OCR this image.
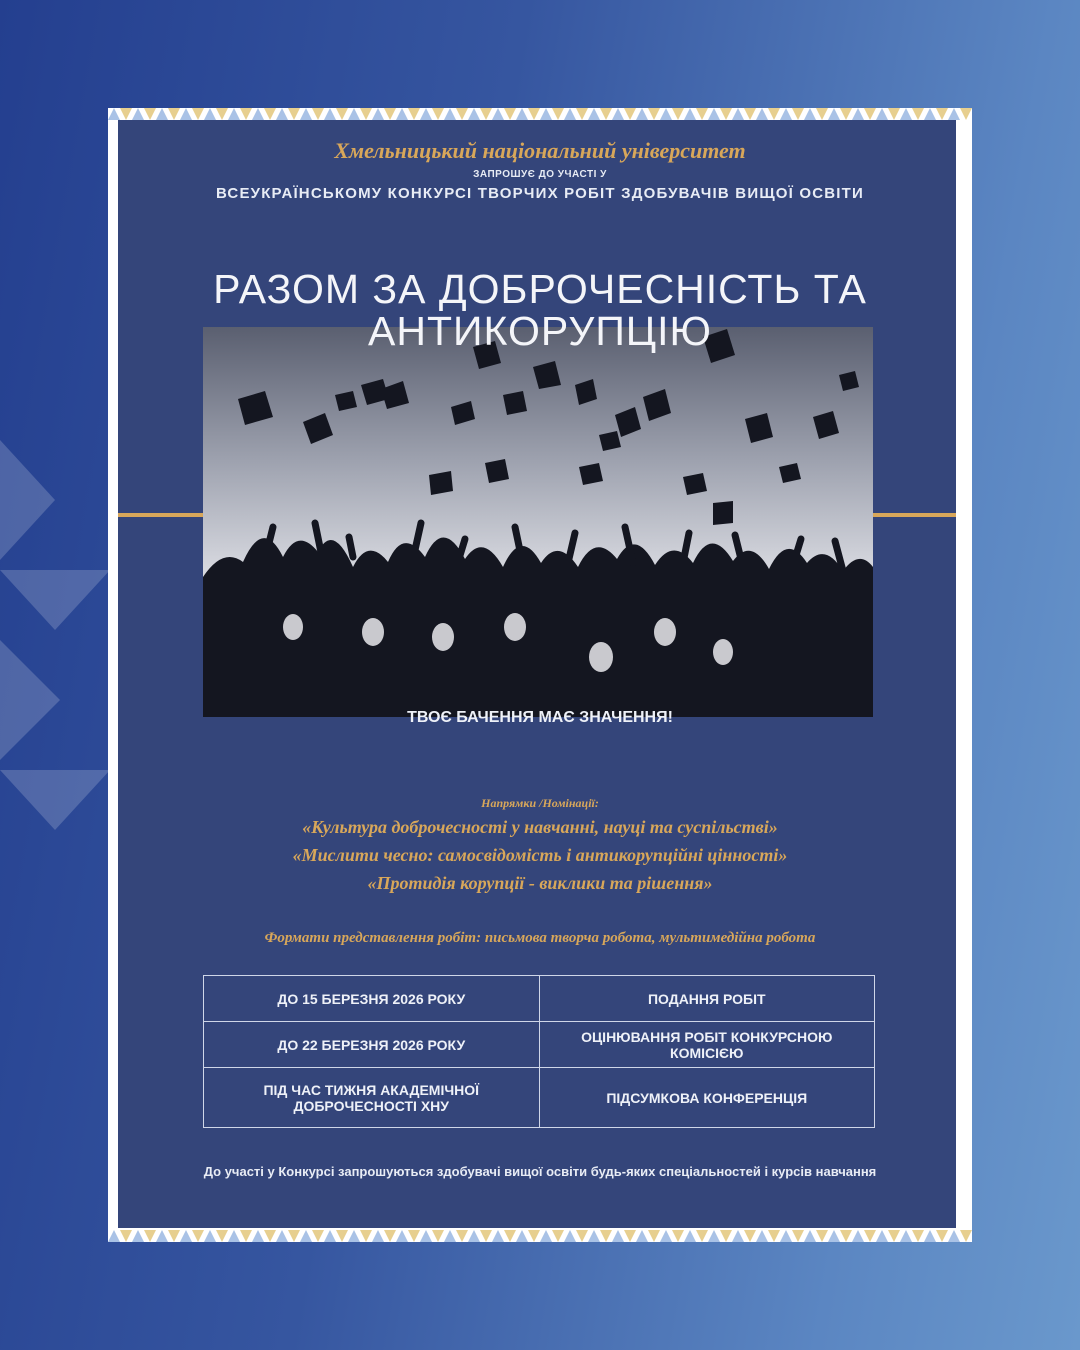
Хмельницький національний університет
ЗАПРОШУЄ ДО УЧАСТІ У
ВСЕУКРАЇНСЬКОМУ КОНКУРСІ ТВОРЧИХ РОБІТ ЗДОБУВАЧІВ ВИЩОЇ ОСВІТИ
РАЗОМ ЗА ДОБРОЧЕСНІСТЬ ТА
АНТИКОРУПЦІЮ
ТВОЄ БАЧЕННЯ МАЄ ЗНАЧЕННЯ!
Напрямки /Номінації:
«Культура доброчесності у навчанні, науці та суспільстві»
«Мислити чесно: самосвідомість і антикорупційні цінності»
«Протидія корупції - виклики та рішення»
Формати представлення робіт: письмова творча робота, мультимедійна робота
ДО 15 БЕРЕЗНЯ 2026 РОКУ	ПОДАННЯ РОБІТ
ДО 22 БЕРЕЗНЯ 2026 РОКУ	ОЦІНЮВАННЯ РОБІТ КОНКУРСНОЮ КОМІСІЄЮ
ПІД ЧАС ТИЖНЯ АКАДЕМІЧНОЇ ДОБРОЧЕСНОСТІ ХНУ	ПІДСУМКОВА КОНФЕРЕНЦІЯ
До участі у Конкурсі запрошуються здобувачі вищої освіти будь-яких спеціальностей і курсів навчання
